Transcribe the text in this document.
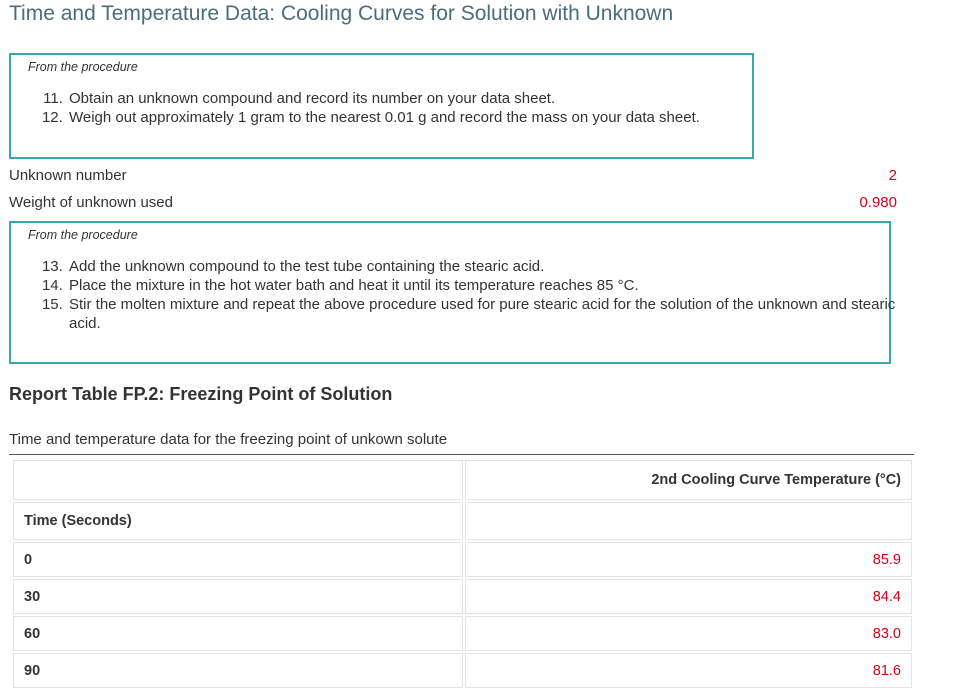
Time and Temperature Data: Cooling Curves for Solution with Unknown
From the procedure
11. Obtain an unknown compound and record its number on your data sheet.
12. Weigh out approximately 1 gram to the nearest 0.01 g and record the mass on your data sheet.
Unknown number	2
Weight of unknown used	0.980
From the procedure
13. Add the unknown compound to the test tube containing the stearic acid.
14. Place the mixture in the hot water bath and heat it until its temperature reaches 85 °C.
15. Stir the molten mixture and repeat the above procedure used for pure stearic acid for the solution of the unknown and stearic acid.
Report Table FP.2: Freezing Point of Solution
Time and temperature data for the freezing point of unkown solute
	2nd Cooling Curve Temperature (°C)
Time (Seconds)	
0	85.9
30	84.4
60	83.0
90	81.6
